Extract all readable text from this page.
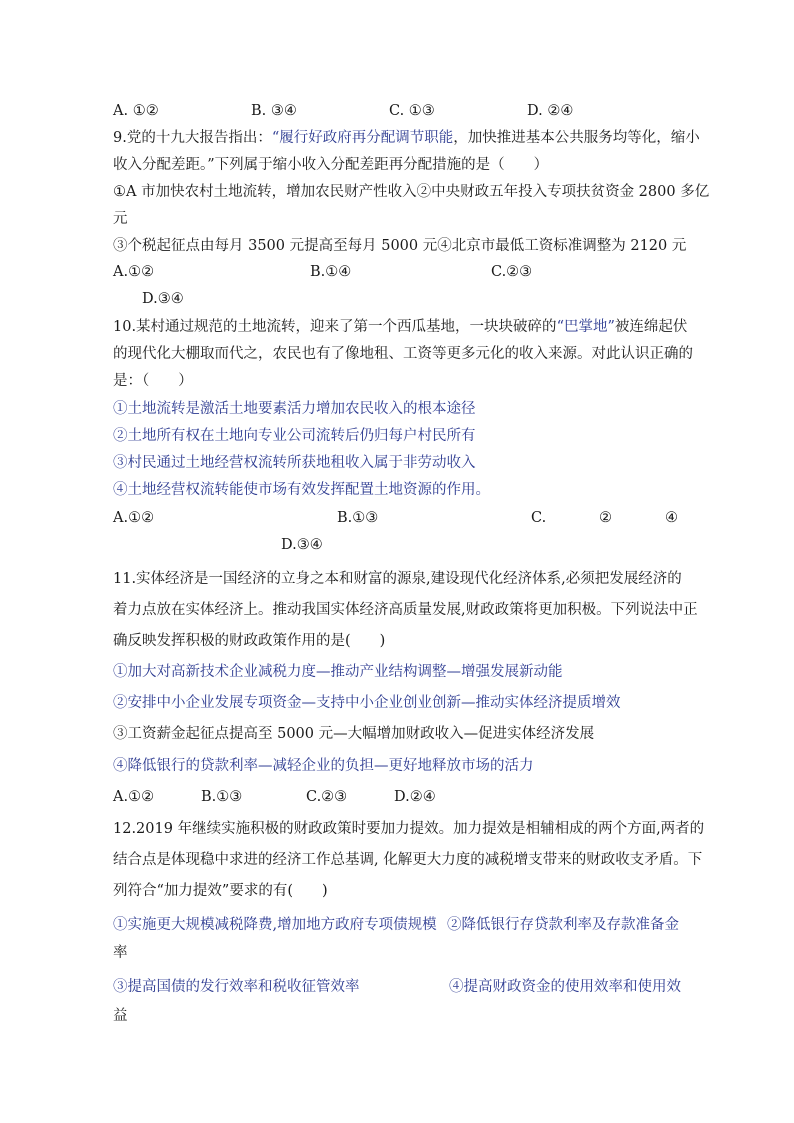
A. ①②	B. ③④	C. ①③	D. ②④
9.党的十九大报告指出：“履行好政府再分配调节职能，加快推进基本公共服务均等化，缩小
收入分配差距。”下列属于缩小收入分配差距再分配措施的是（　　）
①A 市加快农村土地流转，增加农民财产性收入②中央财政五年投入专项扶贫资金 2800 多亿
元
③个税起征点由每月 3500 元提高至每月 5000 元④北京市最低工资标准调整为 2120 元
A.①②	B.①④	C.②③
D.③④
10.某村通过规范的土地流转，迎来了第一个西瓜基地，一块块破碎的“巴掌地”被连绵起伏
的现代化大棚取而代之，农民也有了像地租、工资等更多元化的收入来源。对此认识正确的
是：（　　）
①土地流转是激活土地要素活力增加农民收入的根本途径
②土地所有权在土地向专业公司流转后仍归每户村民所有
③村民通过土地经营权流转所获地租收入属于非劳动收入
④土地经营权流转能使市场有效发挥配置土地资源的作用。
A.①②	B.①③	C.	②	④
D.③④
11.实体经济是一国经济的立身之本和财富的源泉,建设现代化经济体系,必须把发展经济的
着力点放在实体经济上。推动我国实体经济高质量发展,财政政策将更加积极。下列说法中正
确反映发挥积极的财政政策作用的是(　　)
①加大对高新技术企业减税力度—推动产业结构调整—增强发展新动能
②安排中小企业发展专项资金—支持中小企业创业创新—推动实体经济提质增效
③工资薪金起征点提高至 5000 元—大幅增加财政收入—促进实体经济发展
④降低银行的贷款利率—减轻企业的负担—更好地释放市场的活力
A.①②	B.①③	C.②③	D.②④
12.2019 年继续实施积极的财政政策时要加力提效。加力提效是相辅相成的两个方面,两者的
结合点是体现稳中求进的经济工作总基调, 化解更大力度的减税增支带来的财政收支矛盾。下
列符合“加力提效”要求的有(　　)
①实施更大规模减税降费,增加地方政府专项债规模 ②降低银行存贷款利率及存款准备金
率
③提高国债的发行效率和税收征管效率	④提高财政资金的使用效率和使用效
益
